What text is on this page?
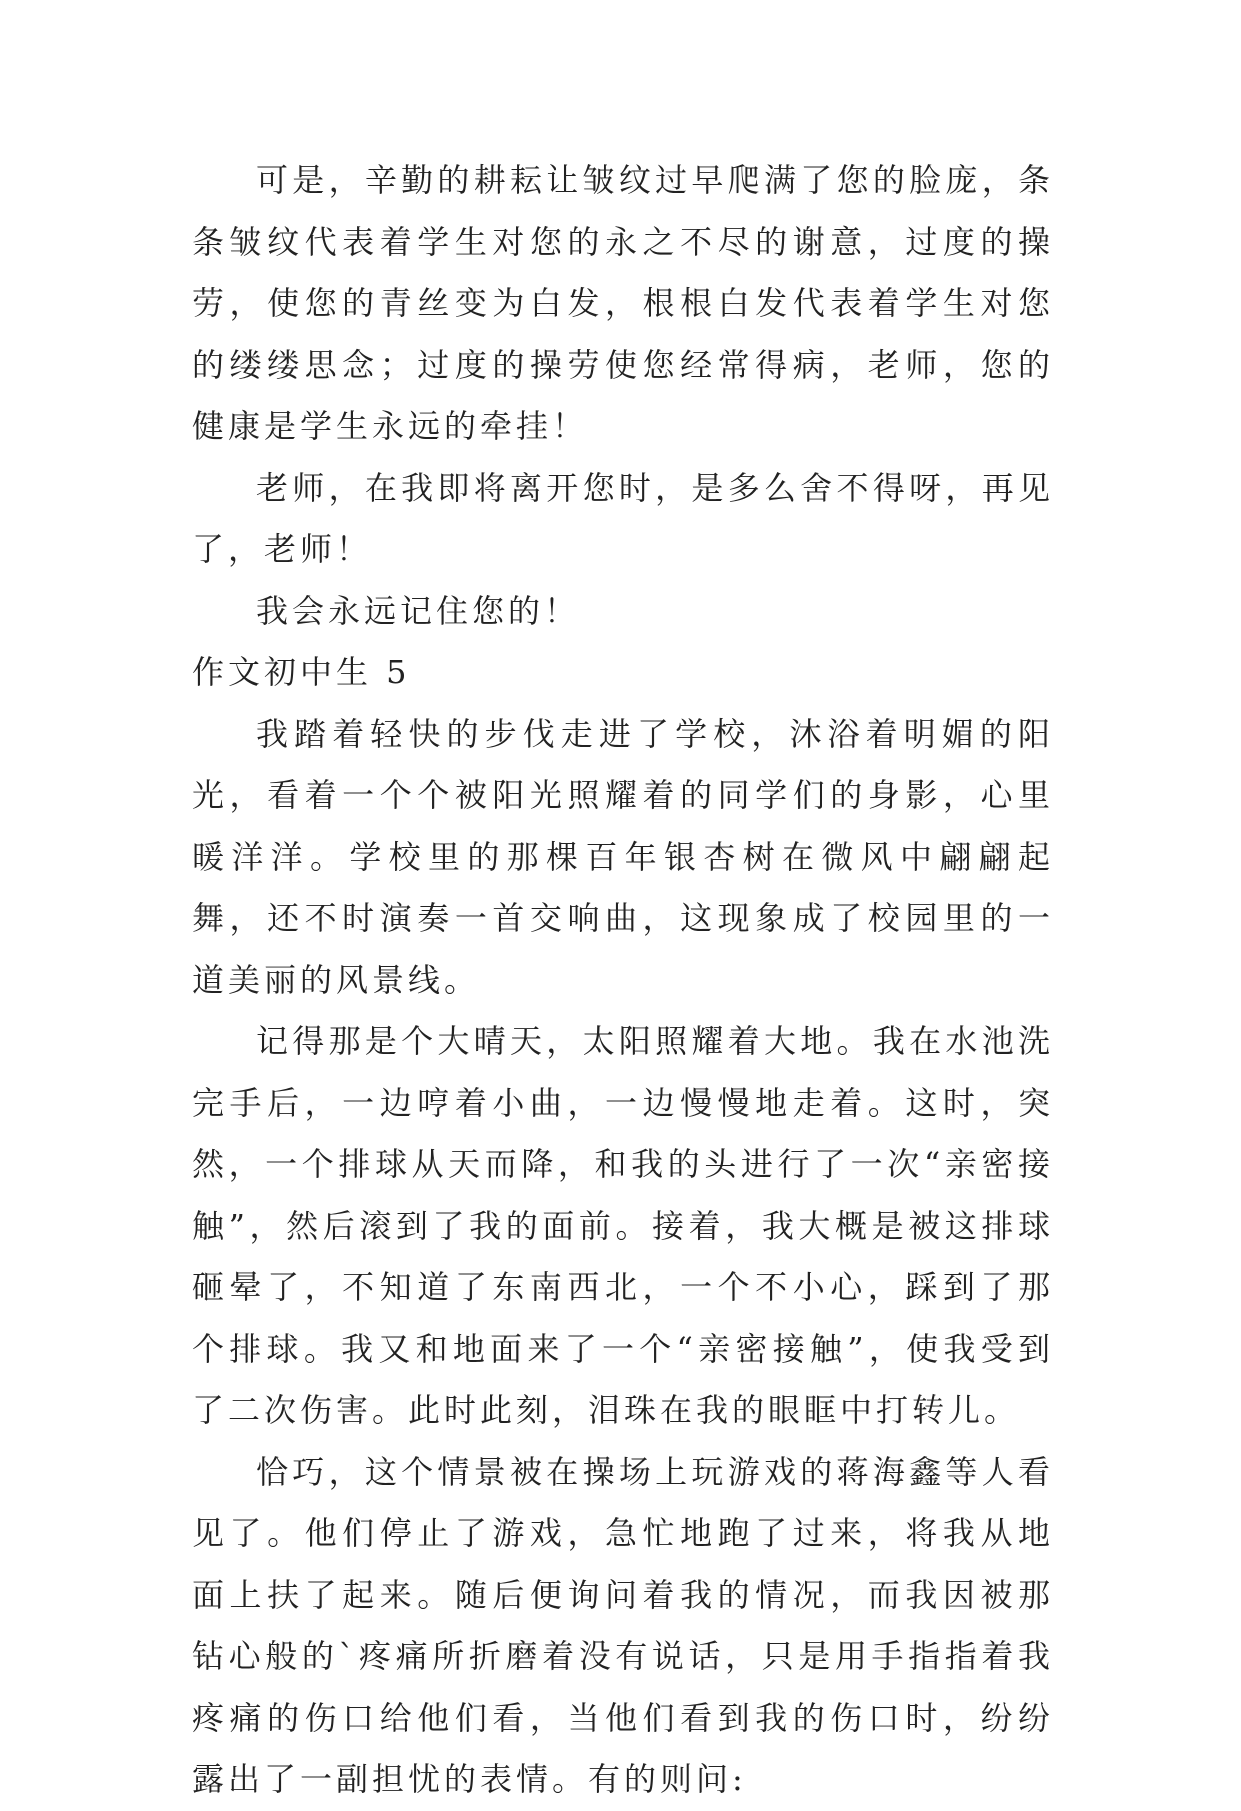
可是，辛勤的耕耘让皱纹过早爬满了您的脸庞，条条皱纹代表着学生对您的永之不尽的谢意，过度的操劳，使您的青丝变为白发，根根白发代表着学生对您的缕缕思念；过度的操劳使您经常得病，老师，您的健康是学生永远的牵挂！

老师，在我即将离开您时，是多么舍不得呀，再见了，老师！

我会永远记住您的！

作文初中生 5

我踏着轻快的步伐走进了学校，沐浴着明媚的阳光，看着一个个被阳光照耀着的同学们的身影，心里暖洋洋。学校里的那棵百年银杏树在微风中翩翩起舞，还不时演奏一首交响曲，这现象成了校园里的一道美丽的风景线。

记得那是个大晴天，太阳照耀着大地。我在水池洗完手后，一边哼着小曲，一边慢慢地走着。这时，突然，一个排球从天而降，和我的头进行了一次“亲密接触”，然后滚到了我的面前。接着，我大概是被这排球砸晕了，不知道了东南西北，一个不小心，踩到了那个排球。我又和地面来了一个“亲密接触”，使我受到了二次伤害。此时此刻，泪珠在我的眼眶中打转儿。

恰巧，这个情景被在操场上玩游戏的蒋海鑫等人看见了。他们停止了游戏，急忙地跑了过来，将我从地面上扶了起来。随后便询问着我的情况，而我因被那钻心般的`疼痛所折磨着没有说话，只是用手指指着我疼痛的伤口给他们看，当他们看到我的伤口时，纷纷露出了一副担忧的表情。有的则问:
